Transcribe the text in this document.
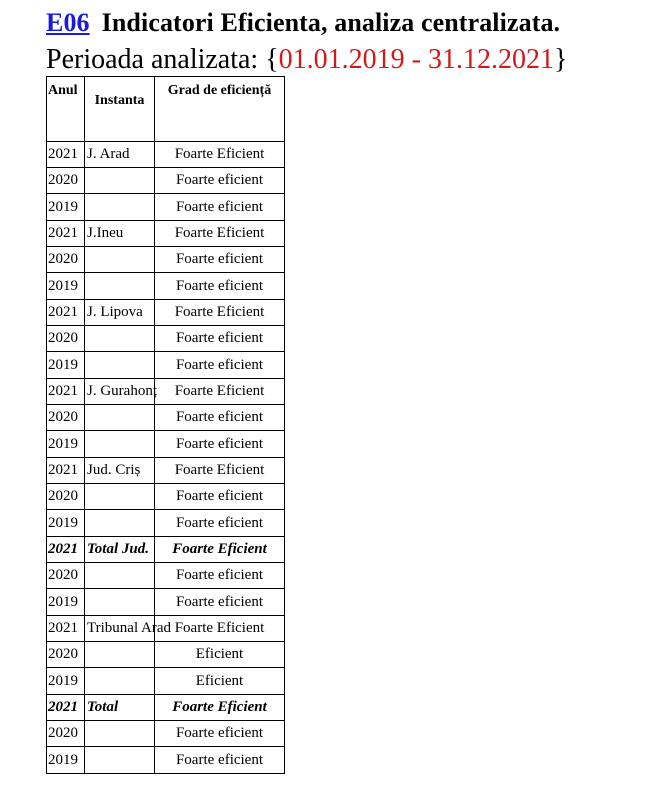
E06 Indicatori Eficienta, analiza centralizata.
Perioada analizata: {01.01.2019 - 31.12.2021}
Anul	Instanta	Grad de eficiență
2021	J. Arad	Foarte Eficient
2020		Foarte eficient
2019		Foarte eficient
2021	J.Ineu	Foarte Eficient
2020		Foarte eficient
2019		Foarte eficient
2021	J. Lipova	Foarte Eficient
2020		Foarte eficient
2019		Foarte eficient
2021	J. Gurahonț	Foarte Eficient
2020		Foarte eficient
2019		Foarte eficient
2021	Jud. Criș	Foarte Eficient
2020		Foarte eficient
2019		Foarte eficient
2021	Total Jud.	Foarte Eficient
2020		Foarte eficient
2019		Foarte eficient
2021	Tribunal Arad	Foarte Eficient
2020		Eficient
2019		Eficient
2021	Total	Foarte Eficient
2020		Foarte eficient
2019		Foarte eficient
